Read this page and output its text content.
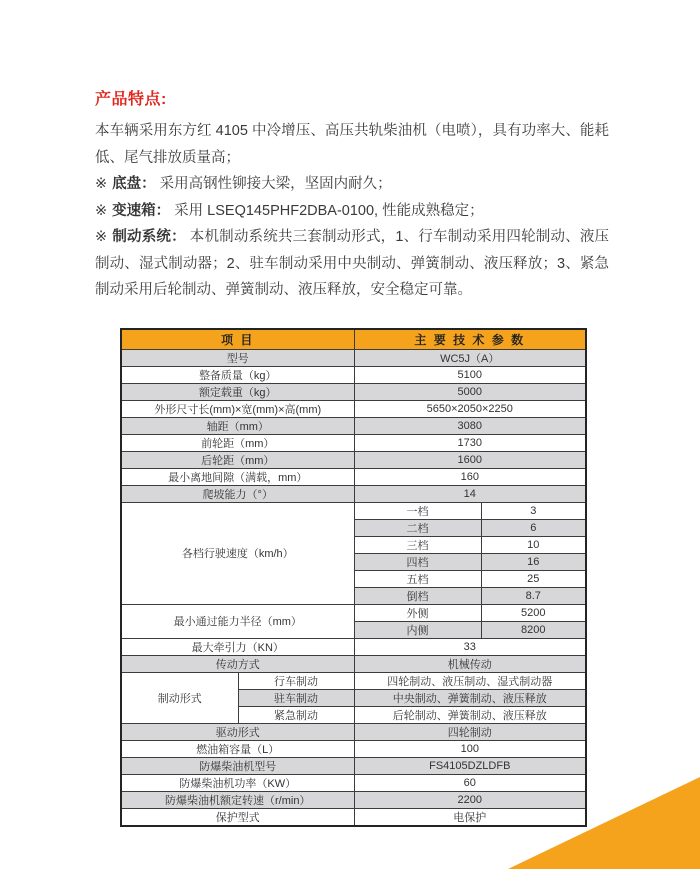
产品特点:

本车辆采用东方红 4105 中冷增压、高压共轨柴油机（电喷），具有功率大、能耗低、尾气排放质量高；

※ 底盘： 采用高钢性铆接大梁，坚固内耐久；

※ 变速箱： 采用 LSEQ145PHF2DBA-0100, 性能成熟稳定；

※ 制动系统： 本机制动系统共三套制动形式，1、行车制动采用四轮制动、液压制动、湿式制动器；2、驻车制动采用中央制动、弹簧制动、液压释放；3、紧急制动采用后轮制动、弹簧制动、液压释放，安全稳定可靠。

项 目		主 要 技 术 参 数	
型号		WC5J（A）	
整备质量（kg）		5100	
额定载重（kg）		5000	
外形尺寸长(mm)×宽(mm)×高(mm)		5650×2050×2250	
轴距（mm）		3080	
前轮距（mm）		1730	
后轮距（mm）		1600	
最小离地间隙（满载，mm）		160	
爬坡能力（°）		14	
各档行驶速度（km/h）		一档	3
		二档	6
		三档	10
		四档	16
		五档	25
		倒档	8.7
最小通过能力半径（mm）		外侧	5200
		内侧	8200
最大牵引力（KN）		33	
传动方式		机械传动	
制动形式	行车制动	四轮制动、液压制动、湿式制动器	
	驻车制动	中央制动、弹簧制动、液压释放	
	紧急制动	后轮制动、弹簧制动、液压释放	
驱动形式		四轮制动	
燃油箱容量（L）		100	
防爆柴油机型号		FS4105DZLDFB	
防爆柴油机功率（KW）		60	
防爆柴油机额定转速（r/min）		2200	
保护型式		电保护	
